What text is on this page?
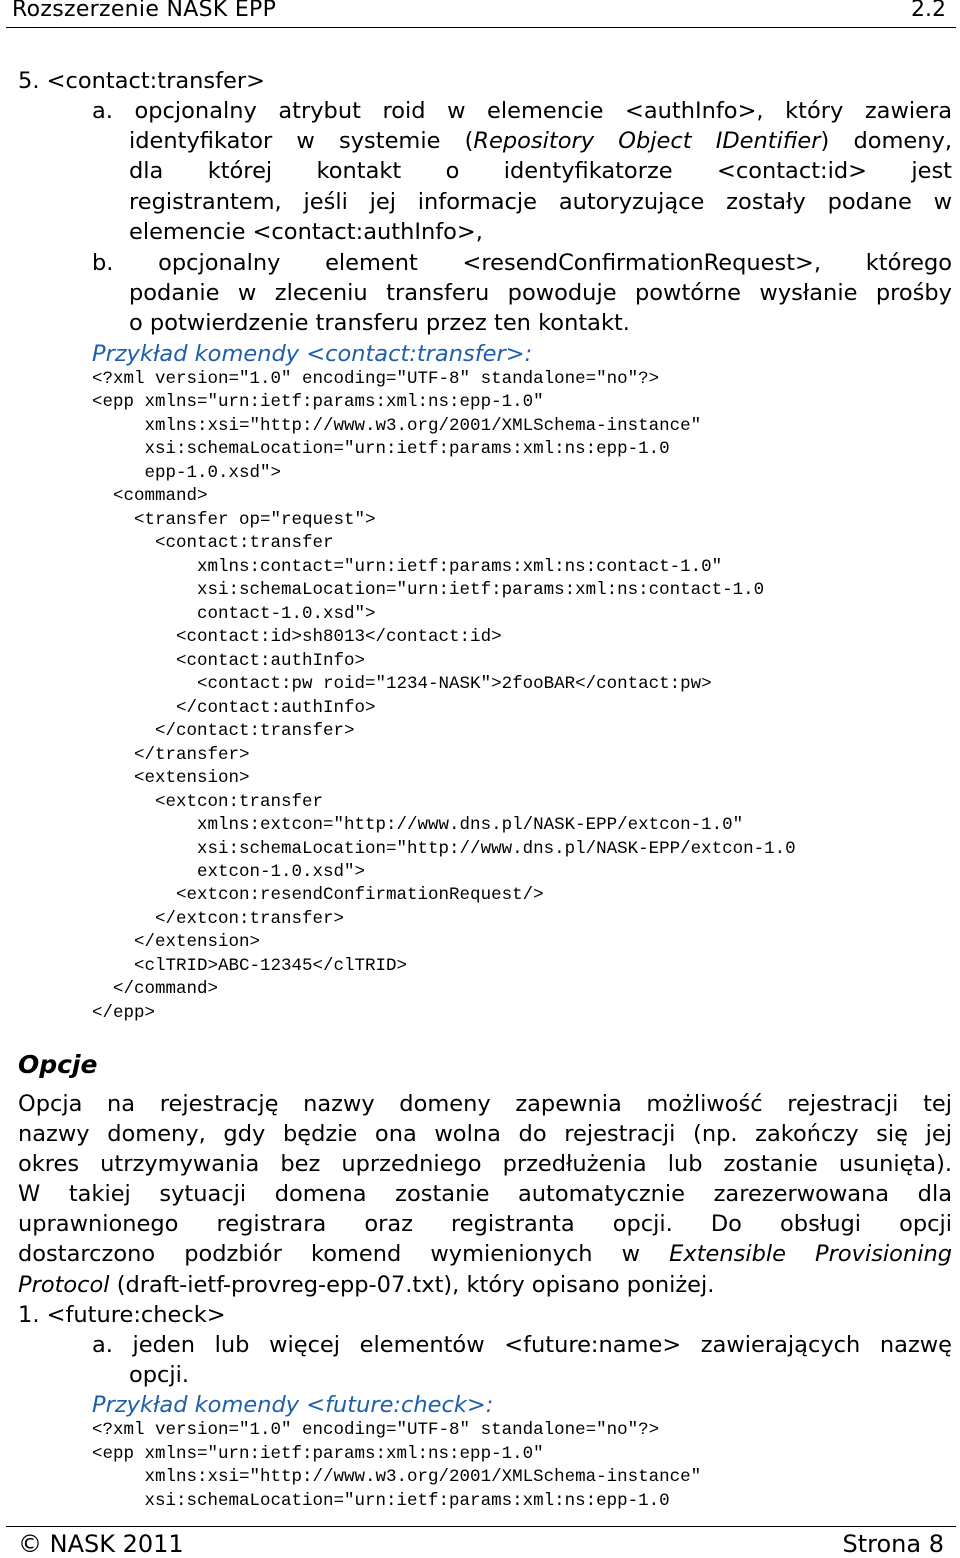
Rozszerzenie NASK EPP	2.2
5. <contact:transfer>
a. opcjonalny atrybut roid w elemencie <authInfo>, który zawiera
identyfikator w systemie (Repository Object IDentifier) domeny,
dla której kontakt o identyfikatorze <contact:id> jest
registrantem, jeśli jej informacje autoryzujące zostały podane w
elemencie <contact:authInfo>,
b. opcjonalny element <resendConfirmationRequest>, którego
podanie w zleceniu transferu powoduje powtórne wysłanie prośby
o potwierdzenie transferu przez ten kontakt.
Przykład komendy <contact:transfer>:
<?xml version="1.0" encoding="UTF-8" standalone="no"?>
<epp xmlns="urn:ietf:params:xml:ns:epp-1.0"
xmlns:xsi="http://www.w3.org/2001/XMLSchema-instance"
xsi:schemaLocation="urn:ietf:params:xml:ns:epp-1.0
epp-1.0.xsd">
<command>
<transfer op="request">
<contact:transfer
xmlns:contact="urn:ietf:params:xml:ns:contact-1.0"
xsi:schemaLocation="urn:ietf:params:xml:ns:contact-1.0
contact-1.0.xsd">
<contact:id>sh8013</contact:id>
<contact:authInfo>
<contact:pw roid="1234-NASK">2fooBAR</contact:pw>
</contact:authInfo>
</contact:transfer>
</transfer>
<extension>
<extcon:transfer
xmlns:extcon="http://www.dns.pl/NASK-EPP/extcon-1.0"
xsi:schemaLocation="http://www.dns.pl/NASK-EPP/extcon-1.0
extcon-1.0.xsd">
<extcon:resendConfirmationRequest/>
</extcon:transfer>
</extension>
<clTRID>ABC-12345</clTRID>
</command>
</epp>
Opcje
Opcja na rejestrację nazwy domeny zapewnia możliwość rejestracji tej
nazwy domeny, gdy będzie ona wolna do rejestracji (np. zakończy się jej
okres utrzymywania bez uprzedniego przedłużenia lub zostanie usunięta).
W takiej sytuacji domena zostanie automatycznie zarezerwowana dla
uprawnionego registrara oraz registranta opcji. Do obsługi opcji
dostarczono podzbiór komend wymienionych w Extensible Provisioning
Protocol (draft-ietf-provreg-epp-07.txt), który opisano poniżej.
1. <future:check>
a. jeden lub więcej elementów <future:name> zawierających nazwę
opcji.
Przykład komendy <future:check>:
<?xml version="1.0" encoding="UTF-8" standalone="no"?>
<epp xmlns="urn:ietf:params:xml:ns:epp-1.0"
xmlns:xsi="http://www.w3.org/2001/XMLSchema-instance"
xsi:schemaLocation="urn:ietf:params:xml:ns:epp-1.0
© NASK 2011	Strona 8
